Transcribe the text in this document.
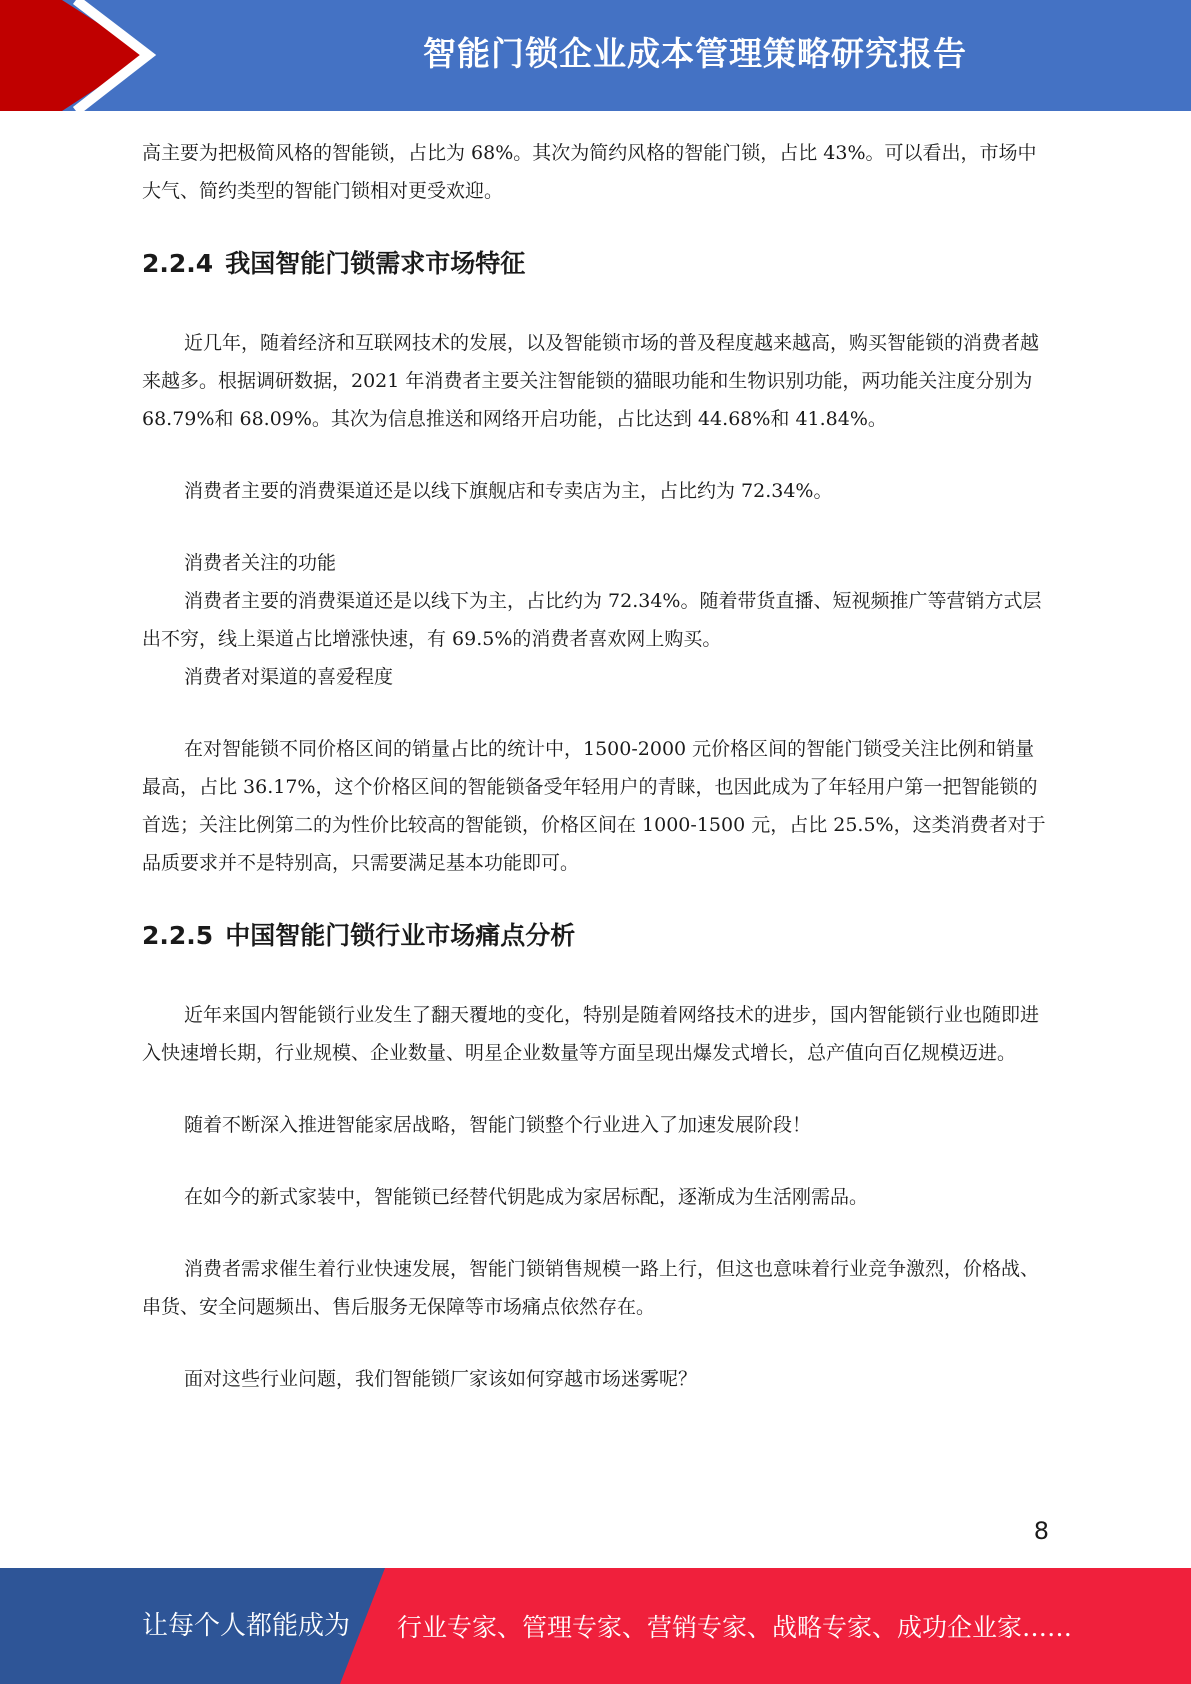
智能门锁企业成本管理策略研究报告

高主要为把极简风格的智能锁，占比为 68%。其次为简约风格的智能门锁，占比 43%。可以看出，市场中大气、简约类型的智能门锁相对更受欢迎。

2.2.4 我国智能门锁需求市场特征

近几年，随着经济和互联网技术的发展，以及智能锁市场的普及程度越来越高，购买智能锁的消费者越来越多。根据调研数据，2021 年消费者主要关注智能锁的猫眼功能和生物识别功能，两功能关注度分别为 68.79%和 68.09%。其次为信息推送和网络开启功能，占比达到 44.68%和 41.84%。

消费者主要的消费渠道还是以线下旗舰店和专卖店为主，占比约为 72.34%。

消费者关注的功能

消费者主要的消费渠道还是以线下为主，占比约为 72.34%。随着带货直播、短视频推广等营销方式层出不穷，线上渠道占比增涨快速，有 69.5%的消费者喜欢网上购买。

消费者对渠道的喜爱程度

在对智能锁不同价格区间的销量占比的统计中，1500-2000 元价格区间的智能门锁受关注比例和销量最高，占比 36.17%，这个价格区间的智能锁备受年轻用户的青睐，也因此成为了年轻用户第一把智能锁的首选；关注比例第二的为性价比较高的智能锁，价格区间在 1000-1500 元，占比 25.5%，这类消费者对于品质要求并不是特别高，只需要满足基本功能即可。

2.2.5 中国智能门锁行业市场痛点分析

近年来国内智能锁行业发生了翻天覆地的变化，特别是随着网络技术的进步，国内智能锁行业也随即进入快速增长期，行业规模、企业数量、明星企业数量等方面呈现出爆发式增长，总产值向百亿规模迈进。

随着不断深入推进智能家居战略，智能门锁整个行业进入了加速发展阶段！

在如今的新式家装中，智能锁已经替代钥匙成为家居标配，逐渐成为生活刚需品。

消费者需求催生着行业快速发展，智能门锁销售规模一路上行，但这也意味着行业竞争激烈，价格战、串货、安全问题频出、售后服务无保障等市场痛点依然存在。

面对这些行业问题，我们智能锁厂家该如何穿越市场迷雾呢？

8
让每个人都能成为 行业专家、管理专家、营销专家、战略专家、成功企业家……
